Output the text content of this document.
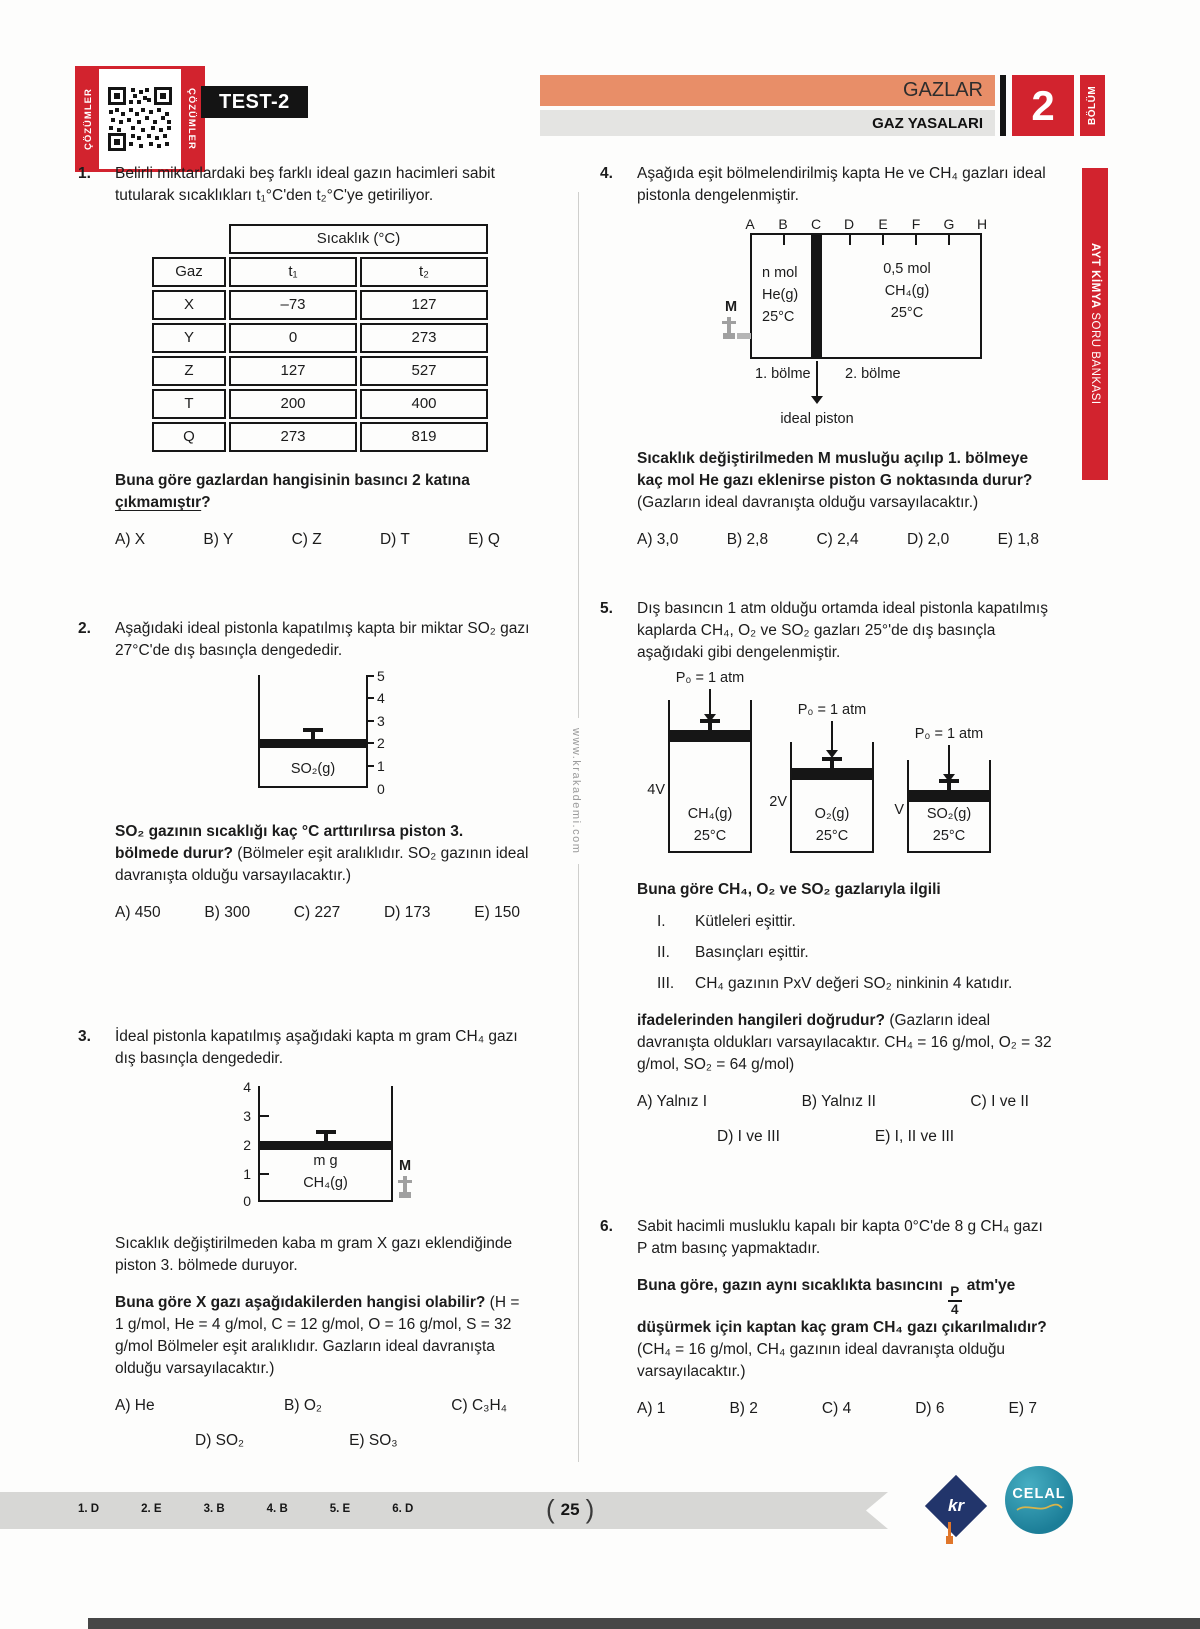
ÇÖZÜMLER	ÇÖZÜMLER	TEST-2
GAZLAR
GAZ YASALARI	2	BÖLÜM
AYT KİMYA SORU BANKASI
www.krakademi.com
1.	Belirli miktarlardaki beş farklı ideal gazın hacimleri sabit tutularak sıcaklıkları t₁°C'den t₂°C'ye getiriliyor.
	Sıcaklık (°C)	
Gaz	t₁	t₂
X	–73	127
Y	0	273
Z	127	527
T	200	400
Q	273	819
Buna göre gazlardan hangisinin basıncı 2 katına çıkmamıştır?
A) X	B) Y	C) Z	D) T	E) Q
2.	Aşağıdaki ideal pistonla kapatılmış kapta bir miktar SO₂ gazı 27°C'de dış basınçla dengededir.
SO₂(g)
5
4
3
2
1
0
SO₂ gazının sıcaklığı kaç °C arttırılırsa piston 3. bölmede durur? (Bölmeler eşit aralıklıdır. SO₂ gazının ideal davranışta olduğu varsayılacaktır.)
A) 450	B) 300	C) 227	D) 173	E) 150
3.	İdeal pistonla kapatılmış aşağıdaki kapta m gram CH₄ gazı dış basınçla dengededir.
4
3
2
1
0
m g
CH₄(g)
M
Sıcaklık değiştirilmeden kaba m gram X gazı eklendiğinde piston 3. bölmede duruyor.
Buna göre X gazı aşağıdakilerden hangisi olabilir? (H = 1 g/mol, He = 4 g/mol, C = 12 g/mol, O = 16 g/mol, S = 32 g/mol Bölmeler eşit aralıklıdır. Gazların ideal davranışta olduğu varsayılacaktır.)
A) He	B) O₂	C) C₃H₄
D) SO₂	E) SO₃
4.	Aşağıda eşit bölmelendirilmiş kapta He ve CH₄ gazları ideal pistonla dengelenmiştir.
A B C D E F G H
n mol
He(g)
25°C
0,5 mol
CH₄(g)
25°C
M
1. bölme 2. bölme
ideal piston
Sıcaklık değiştirilmeden M musluğu açılıp 1. bölmeye kaç mol He gazı eklenirse piston G noktasında durur? (Gazların ideal davranışta olduğu varsayılacaktır.)
A) 3,0	B) 2,8	C) 2,4	D) 2,0	E) 1,8
5.	Dış basıncın 1 atm olduğu ortamda ideal pistonla kapatılmış kaplarda CH₄, O₂ ve SO₂ gazları 25°'de dış basınçla aşağıdaki gibi dengelenmiştir.
P₀ = 1 atm
CH₄(g)
25°C
4V
P₀ = 1 atm
O₂(g)
25°C
2V
P₀ = 1 atm
SO₂(g)
25°C
V
Buna göre CH₄, O₂ ve SO₂ gazlarıyla ilgili
I.	Kütleleri eşittir.
II.	Basınçları eşittir.
III.	CH₄ gazının PxV değeri SO₂ ninkinin 4 katıdır.
ifadelerinden hangileri doğrudur? (Gazların ideal davranışta oldukları varsayılacaktır. CH₄ = 16 g/mol, O₂ = 32 g/mol, SO₂ = 64 g/mol)
A) Yalnız I	B) Yalnız II	C) I ve II
D) I ve III	E) I, II ve III
6.	Sabit hacimli musluklu kapalı bir kapta 0°C'de 8 g CH₄ gazı P atm basınç yapmaktadır.
Buna göre, gazın aynı sıcaklıkta basıncını $\frac{P}{4} atm'ye$ düşürmek için kaptan kaç gram CH₄ gazı çıkarılmalıdır? (CH₄ = 16 g/mol, CH₄ gazının ideal davranışta olduğu varsayılacaktır.)
A) 1	B) 2	C) 4	D) 6	E) 7
1. D	2. E	3. B	4. B	5. E	6. D	( 25 )	kr
CELAL
